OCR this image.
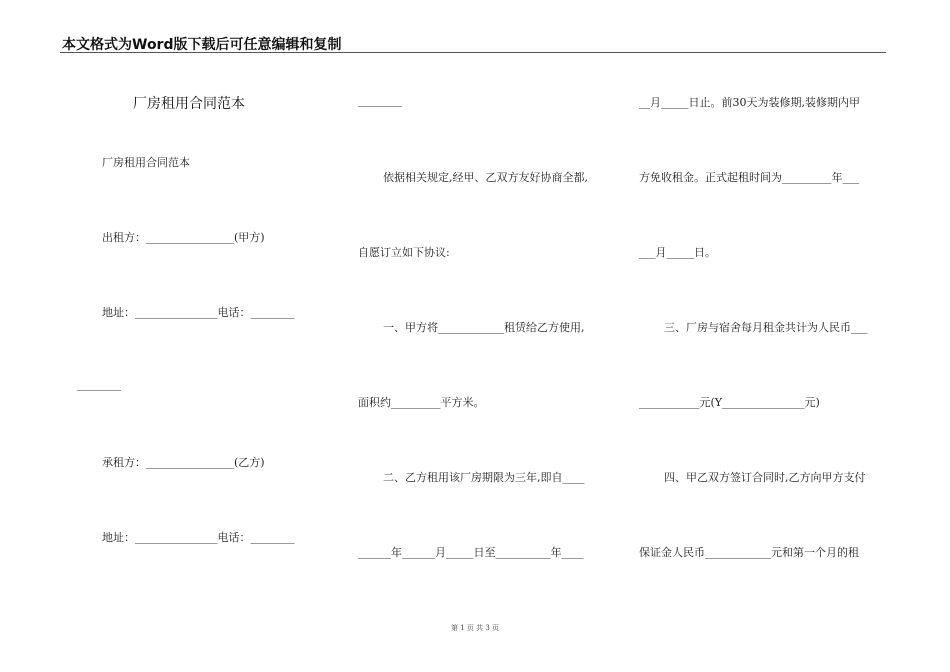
本文格式为Word版下载后可任意编辑和复制
厂房租用合同范本
厂房租用合同范本
出租方：________________(甲方)
地址：_______________电话：________
________
承租方：________________(乙方)
地址：_______________电话：________
________
依据相关规定,经甲、乙双方友好协商全都,
自愿订立如下协议:
一、甲方将____________租赁给乙方使用,
面积约_________平方米。
二、乙方租用该厂房期限为三年,即自____
______年______月_____日至__________年____
__月_____日止。前30天为装修期,装修期内甲
方免收租金。正式起租时间为_________年___
___月_____日。
三、厂房与宿舍每月租金共计为人民币___
___________元(Y_______________元)
四、甲乙双方签订合同时,乙方向甲方支付
保证金人民币____________元和第一个月的租
第 1 页 共 3 页
